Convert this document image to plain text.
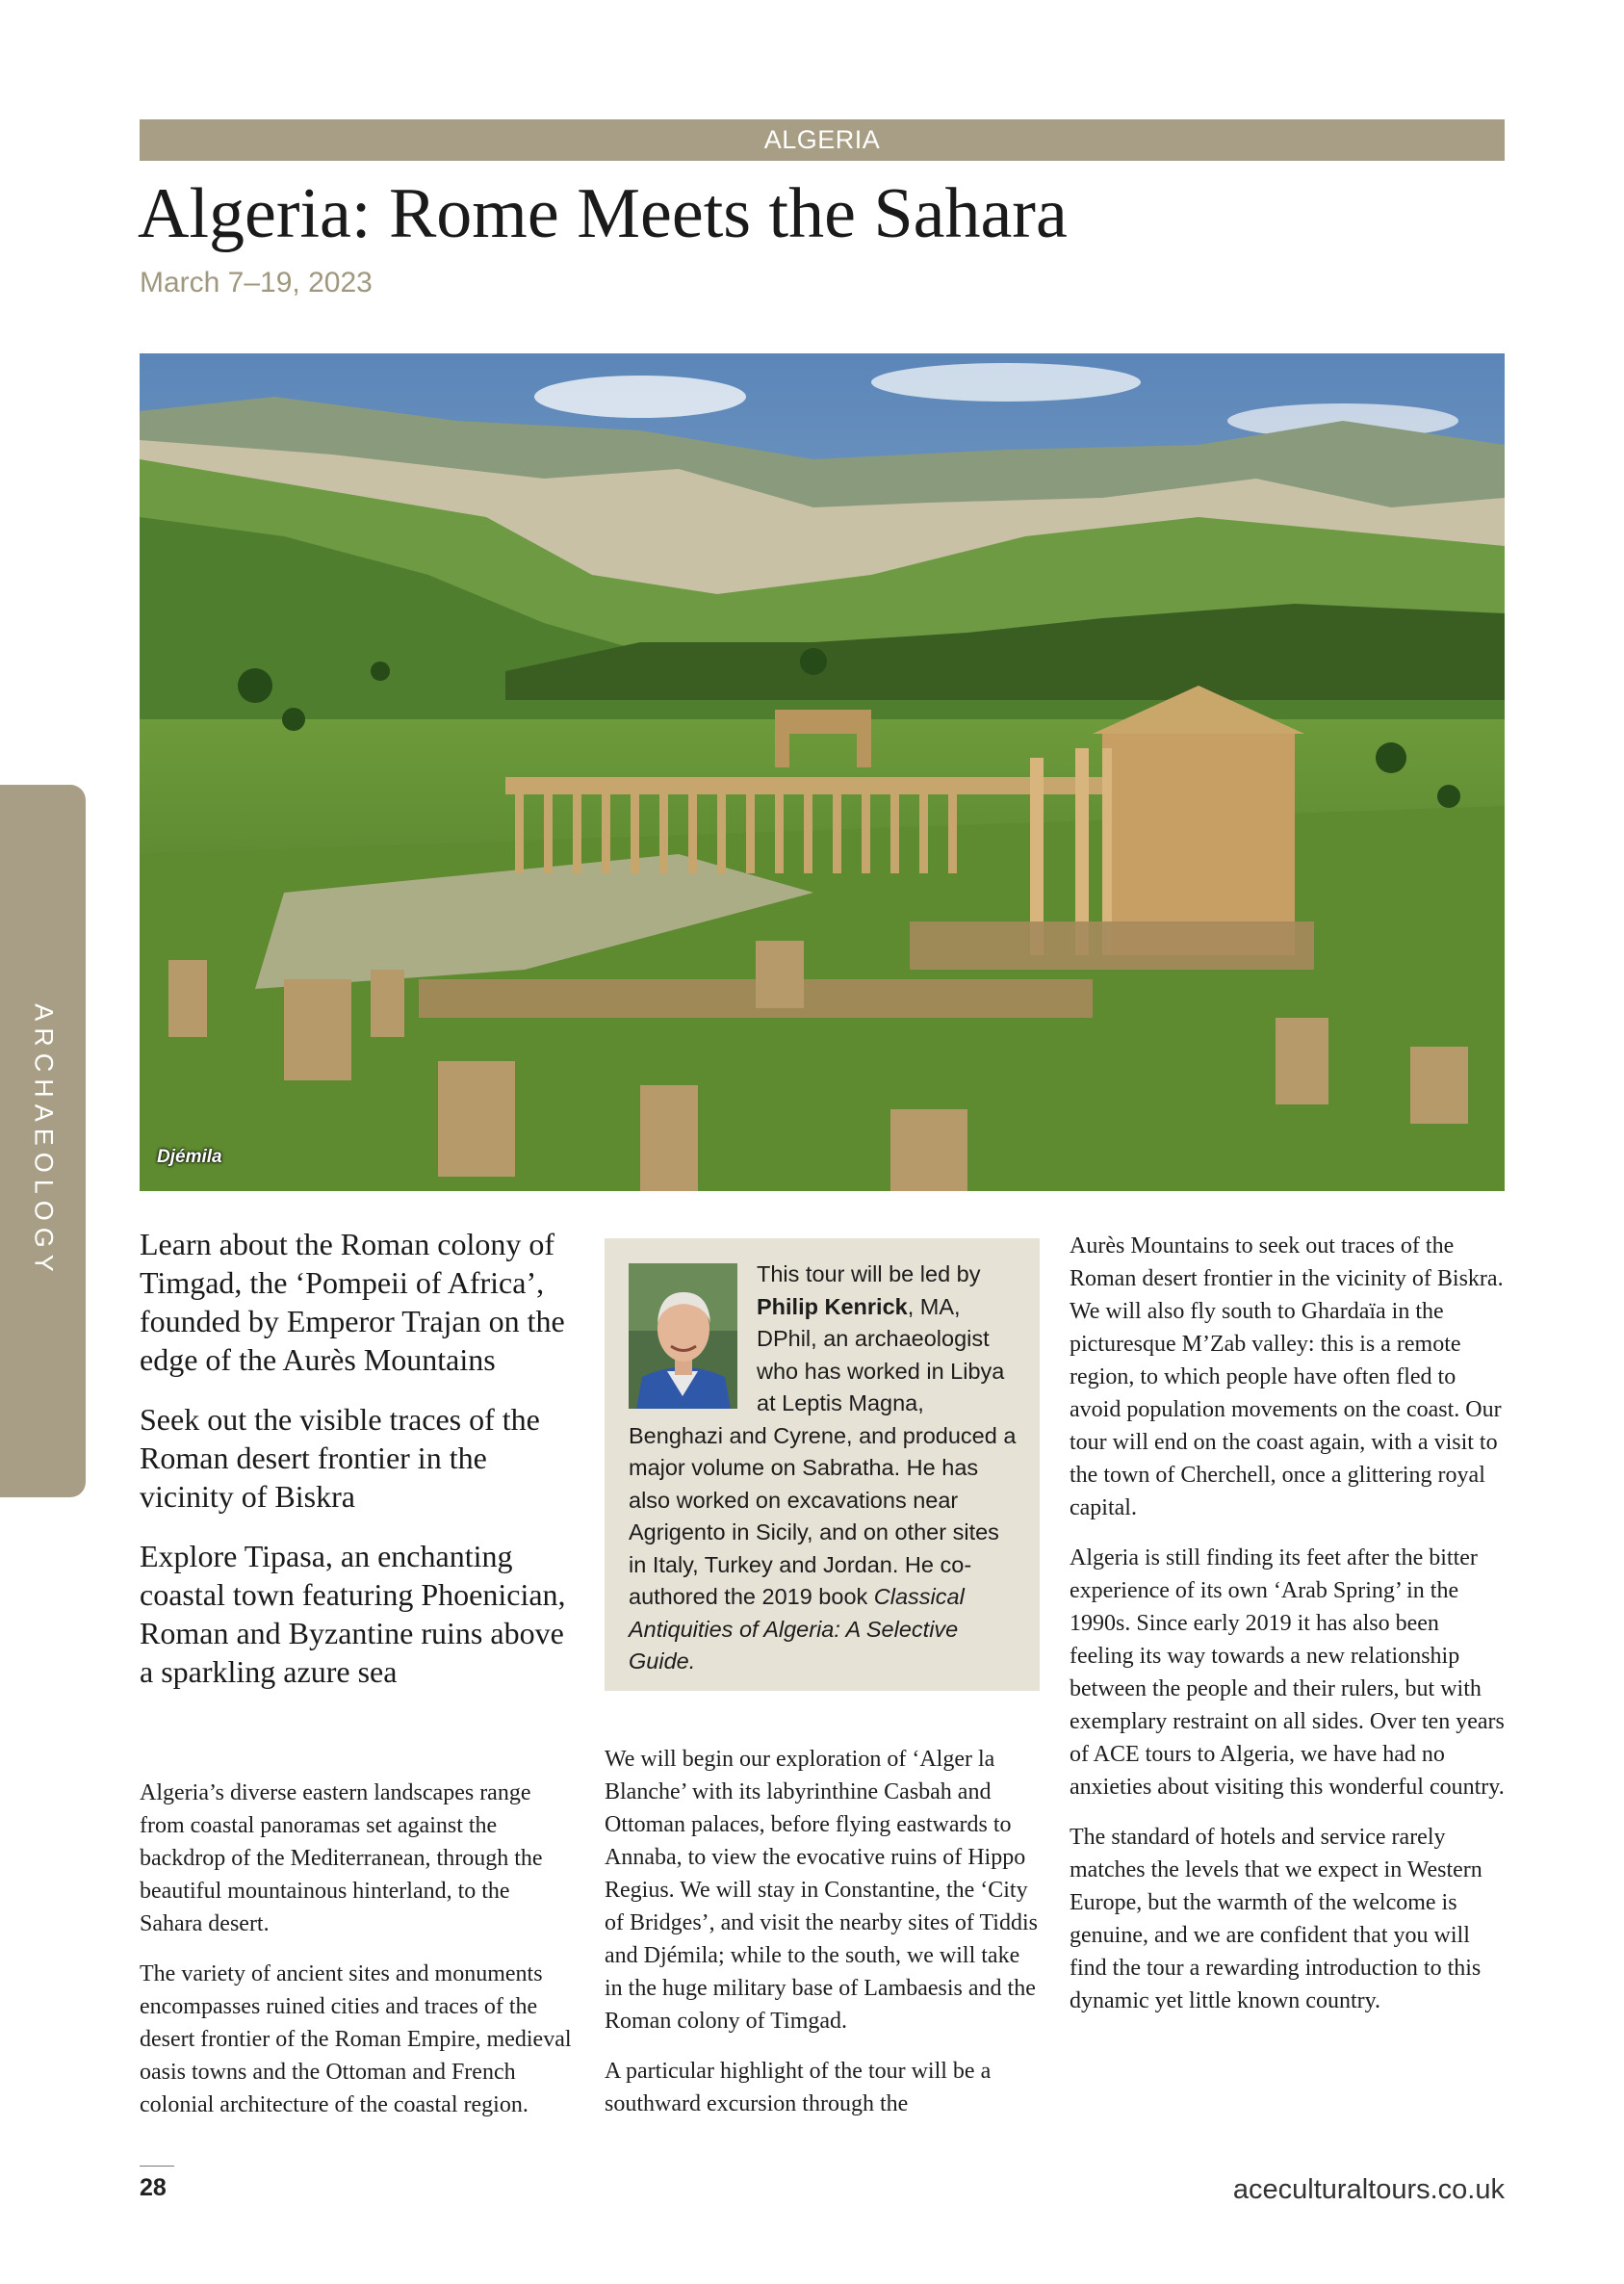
ALGERIA
Algeria: Rome Meets the Sahara
March 7–19, 2023
Djémila
ARCHAEOLOGY	Learn about the Roman colony of Timgad, the ‘Pompeii of Africa’, founded by Emperor Trajan on the edge of the Aurès Mountains

Seek out the visible traces of the Roman desert frontier in the vicinity of Biskra

Explore Tipasa, an enchanting coastal town featuring Phoenician, Roman and Byzantine ruins above a sparkling azure sea

This tour will be led by Philip Kenrick, MA, DPhil, an archaeologist who has worked in Libya at Leptis Magna, Benghazi and Cyrene, and produced a major volume on Sabratha. He has also worked on excavations near Agrigento in Sicily, and on other sites in Italy, Turkey and Jordan. He co-authored the 2019 book Classical Antiquities of Algeria: A Selective Guide.

Algeria’s diverse eastern landscapes range from coastal panoramas set against the backdrop of the Mediterranean, through the beautiful mountainous hinterland, to the Sahara desert.

The variety of ancient sites and monuments encompasses ruined cities and traces of the desert frontier of the Roman Empire, medieval oasis towns and the Ottoman and French colonial architecture of the coastal region.

We will begin our exploration of ‘Alger la Blanche’ with its labyrinthine Casbah and Ottoman palaces, before flying eastwards to Annaba, to view the evocative ruins of Hippo Regius. We will stay in Constantine, the ‘City of Bridges’, and visit the nearby sites of Tiddis and Djémila; while to the south, we will take in the huge military base of Lambaesis and the Roman colony of Timgad.

A particular highlight of the tour will be a southward excursion through the

Aurès Mountains to seek out traces of the Roman desert frontier in the vicinity of Biskra. We will also fly south to Ghardaïa in the picturesque M’Zab valley: this is a remote region, to which people have often fled to avoid population movements on the coast. Our tour will end on the coast again, with a visit to the town of Cherchell, once a glittering royal capital.

Algeria is still finding its feet after the bitter experience of its own ‘Arab Spring’ in the 1990s. Since early 2019 it has also been feeling its way towards a new relationship between the people and their rulers, but with exemplary restraint on all sides. Over ten years of ACE tours to Algeria, we have had no anxieties about visiting this wonderful country.

The standard of hotels and service rarely matches the levels that we expect in Western Europe, but the warmth of the welcome is genuine, and we are confident that you will find the tour a rewarding introduction to this dynamic yet little known country.

28	aceculturaltours.co.uk
